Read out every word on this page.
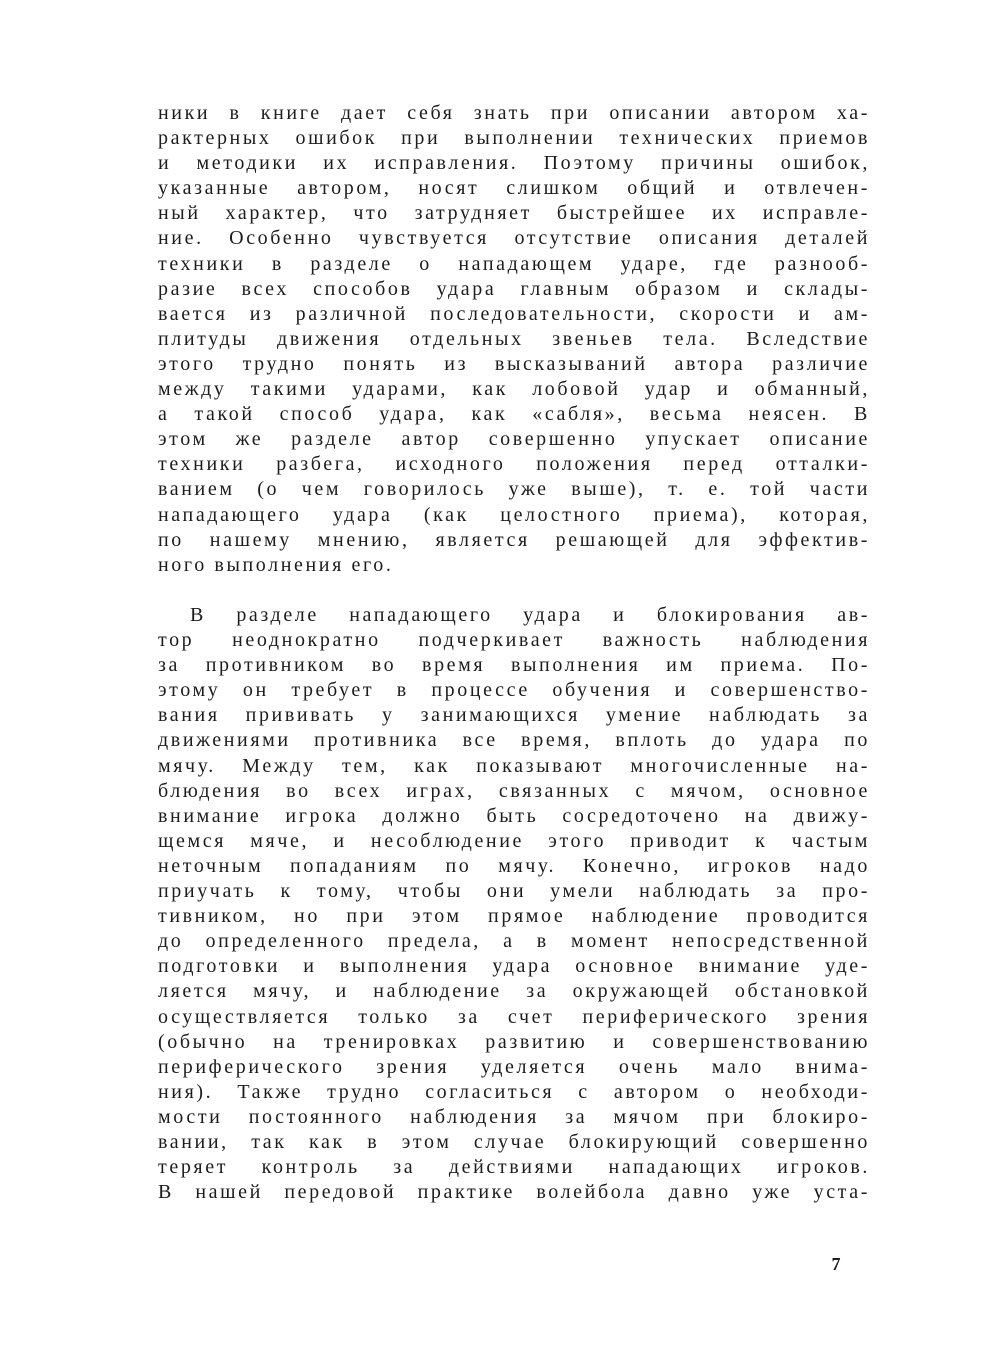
ники в книге дает себя знать при описании автором ха-
рактерных ошибок при выполнении технических приемов
и методики их исправления. Поэтому причины ошибок,
указанные автором, носят слишком общий и отвлечен-
ный характер, что затрудняет быстрейшее их исправле-
ние. Особенно чувствуется отсутствие описания деталей
техники в разделе о нападающем ударе, где разнооб-
разие всех способов удара главным образом и склады-
вается из различной последовательности, скорости и ам-
плитуды движения отдельных звеньев тела. Вследствие
этого трудно понять из высказываний автора различие
между такими ударами, как лобовой удар и обманный,
а такой способ удара, как «сабля», весьма неясен. В
этом же разделе автор совершенно упускает описание
техники разбега, исходного положения перед отталки-
ванием (о чем говорилось уже выше), т. е. той части
нападающего удара (как целостного приема), которая,
по нашему мнению, является решающей для эффектив-
ного выполнения его.
В разделе нападающего удара и блокирования ав-
тор неоднократно подчеркивает важность наблюдения
за противником во время выполнения им приема. По-
этому он требует в процессе обучения и совершенство-
вания прививать у занимающихся умение наблюдать за
движениями противника все время, вплоть до удара по
мячу. Между тем, как показывают многочисленные на-
блюдения во всех играх, связанных с мячом, основное
внимание игрока должно быть сосредоточено на движу-
щемся мяче, и несоблюдение этого приводит к частым
неточным попаданиям по мячу. Конечно, игроков надо
приучать к тому, чтобы они умели наблюдать за про-
тивником, но при этом прямое наблюдение проводится
до определенного предела, а в момент непосредственной
подготовки и выполнения удара основное внимание уде-
ляется мячу, и наблюдение за окружающей обстановкой
осуществляется только за счет периферического зрения
(обычно на тренировках развитию и совершенствованию
периферического зрения уделяется очень мало внима-
ния). Также трудно согласиться с автором о необходи-
мости постоянного наблюдения за мячом при блокиро-
вании, так как в этом случае блокирующий совершенно
теряет контроль за действиями нападающих игроков.
В нашей передовой практике волейбола давно уже уста-
7
